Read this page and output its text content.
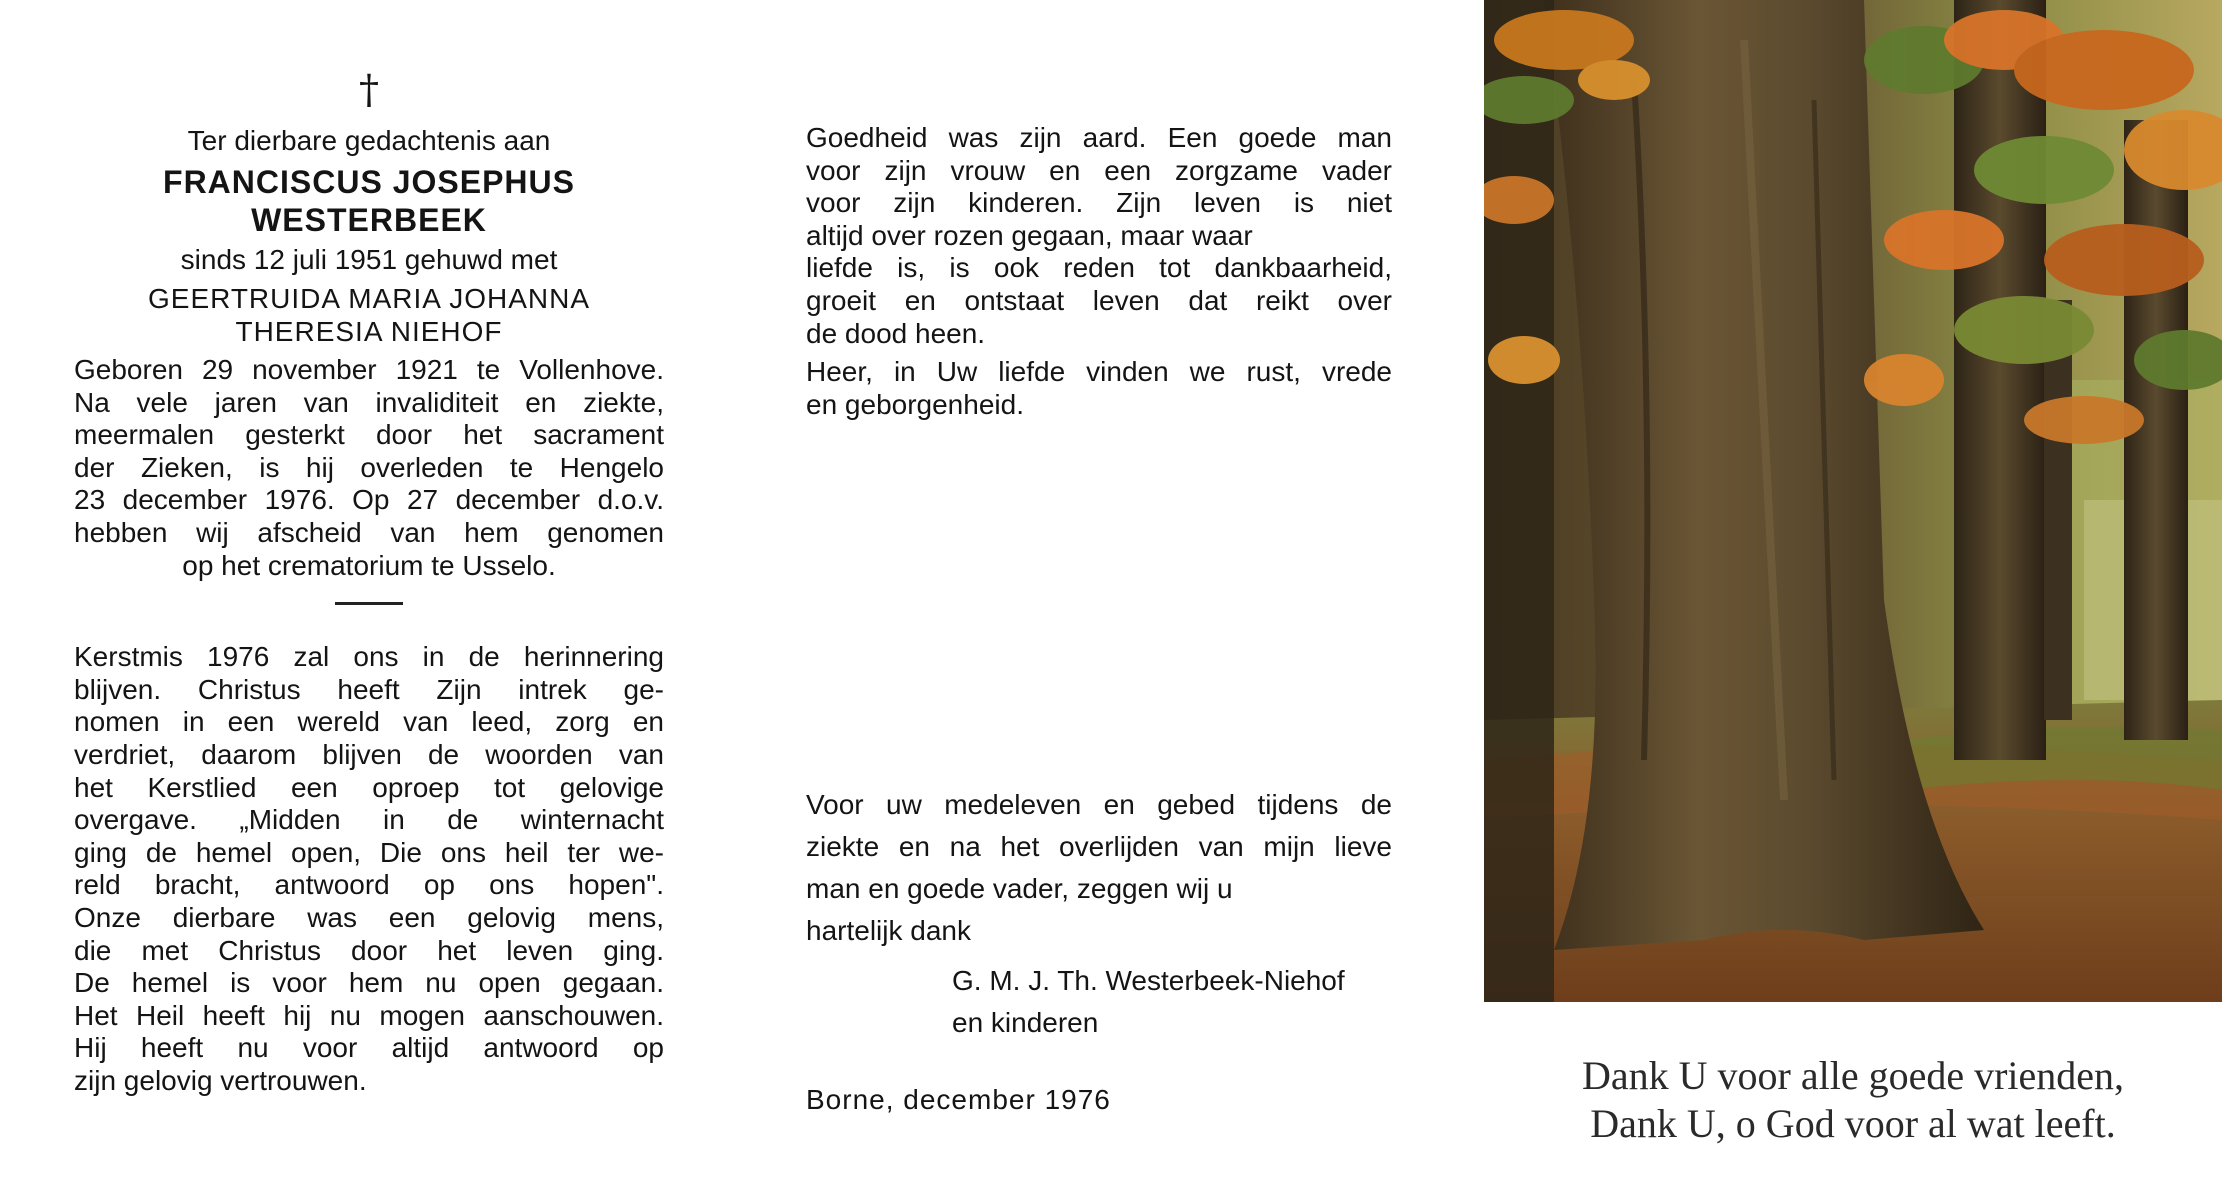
†
Ter dierbare gedachtenis aan
FRANCISCUS JOSEPHUS
WESTERBEEK
sinds 12 juli 1951 gehuwd met
GEERTRUIDA MARIA JOHANNA
THERESIA NIEHOF
Geboren 29 november 1921 te Vollenhove.
Na vele jaren van invaliditeit en ziekte,
meermalen gesterkt door het sacrament
der Zieken, is hij overleden te Hengelo
23 december 1976. Op 27 december d.o.v.
hebben wij afscheid van hem genomen
op het crematorium te Usselo.
Kerstmis 1976 zal ons in de herinnering
blijven. Christus heeft Zijn intrek ge-
nomen in een wereld van leed, zorg en
verdriet, daarom blijven de woorden van
het Kerstlied een oproep tot gelovige
overgave. „Midden in de winternacht
ging de hemel open, Die ons heil ter we-
reld bracht, antwoord op ons hopen".
Onze dierbare was een gelovig mens,
die met Christus door het leven ging.
De hemel is voor hem nu open gegaan.
Het Heil heeft hij nu mogen aanschouwen.
Hij heeft nu voor altijd antwoord op
zijn gelovig vertrouwen.
Goedheid was zijn aard. Een goede man
voor zijn vrouw en een zorgzame vader
voor zijn kinderen. Zijn leven is niet
altijd over rozen gegaan, maar waar
liefde is, is ook reden tot dankbaarheid,
groeit en ontstaat leven dat reikt over
de dood heen.
Heer, in Uw liefde vinden we rust, vrede
en geborgenheid.
Voor uw medeleven en gebed tijdens de
ziekte en na het overlijden van mijn lieve
man en goede vader, zeggen wij u
hartelijk dank
G. M. J. Th. Westerbeek-Niehof
en kinderen
Borne, december 1976
Dank U voor alle goede vrienden,
Dank U, o God voor al wat leeft.
